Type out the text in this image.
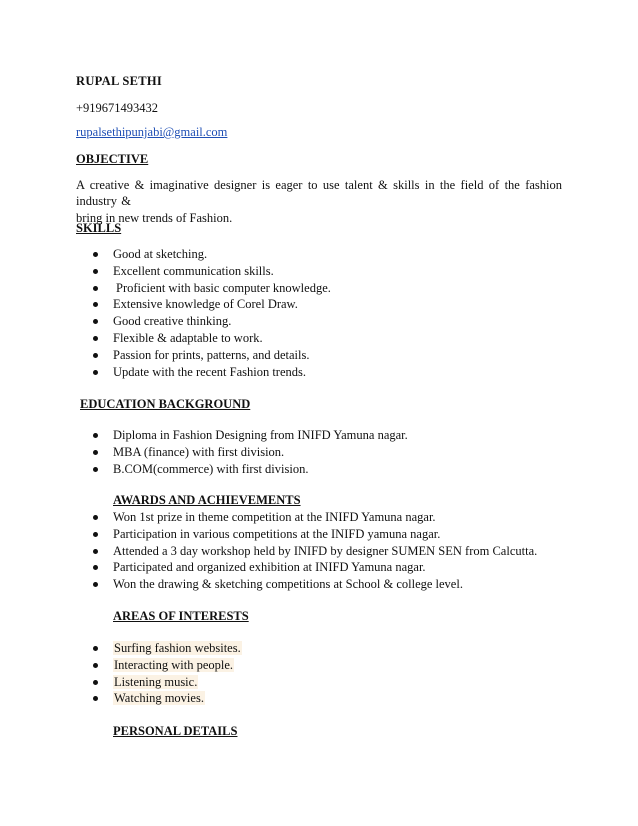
RUPAL SETHI
+919671493432
rupalsethipunjabi@gmail.com
OBJECTIVE
A creative & imaginative designer is eager to use talent & skills in the field of the fashion industry &
bring in new trends of Fashion.
SKILLS
Good at sketching.
Excellent communication skills.
Proficient with basic computer knowledge.
Extensive knowledge of Corel Draw.
Good creative thinking.
Flexible & adaptable to work.
Passion for prints, patterns, and details.
Update with the recent Fashion trends.
EDUCATION BACKGROUND
Diploma in Fashion Designing from INIFD Yamuna nagar.
MBA (finance) with first division.
B.COM(commerce) with first division.
AWARDS AND ACHIEVEMENTS
Won 1st prize in theme competition at the INIFD Yamuna nagar.
Participation in various competitions at the INIFD yamuna nagar.
Attended a 3 day workshop held by INIFD by designer SUMEN SEN from Calcutta.
Participated and organized exhibition at INIFD Yamuna nagar.
Won the drawing & sketching competitions at School & college level.
AREAS OF INTERESTS
Surfing fashion websites.
Interacting with people.
Listening music.
Watching movies.
PERSONAL DETAILS
